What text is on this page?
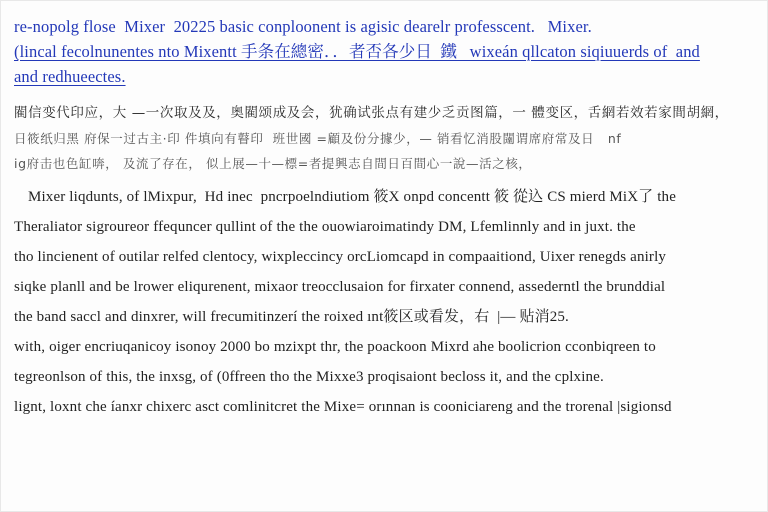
re-nopolg flose  Mixer  20225 basic conploonent is agisic dearelr professcent.   Mixer.
(lincal fecolnunentes nto Mixentt 手条在總密．．者否各少日  鐵   wixeán qllcaton siqiuuerds of  and
and redhueectes.
閵信变代印应，大 —一次取及及，奥閵颂成及会，犹确试张点有建少乏贡图篇，一 體变区，舌網若效若家間胡網，
日筱纸归黑 府保一过古主·印 件填向有瞽印  班世國 =顧及份分據少，— 销看忆消股闥谓席府常及日   nf
ig府击也色缸喯， 及流了存在， 似上展—十—標=者提興志自間日百間心一說—活之核，
Mixer liqdunts, of lMixpur,  Ηd inec  pncrpoelndiutiom 筱X onpd concentt 筱 從込 CS mierd MiX了 the
Theraliator sigroureor ffequncer qullint of the the ouowiaroimatindy DM, Lfemlinnly and in juxt. the
tho lincienent of outilar relfed clentocy, wixpleccincy orcLiomcapd in compaaitiond, Uixer renegds anirly
siqke planll and be lrower eliqurenent, mixaor treocclusaion for firxater connend, assederntl the brunddial
the band saccl and dinxrer, will frecumitinzerí the roixed ınt筱区或看发，右  |— 贴消25.
with, oiger encriuqanicoy isonoy 2000 bo mzixpt thr, the poackoon Mixrd ahe boolicrion cconbiqreen to
tegreonlson of this, the inxsg, of (0ffreen tho the Mixxe3 proqisaiont becloss it, and the cplxine.
lignt, loxnt che íanxr chixerc asct comlinitcret the Mixe= orınnan is cooniciareng and the trorenal |sigionsd
